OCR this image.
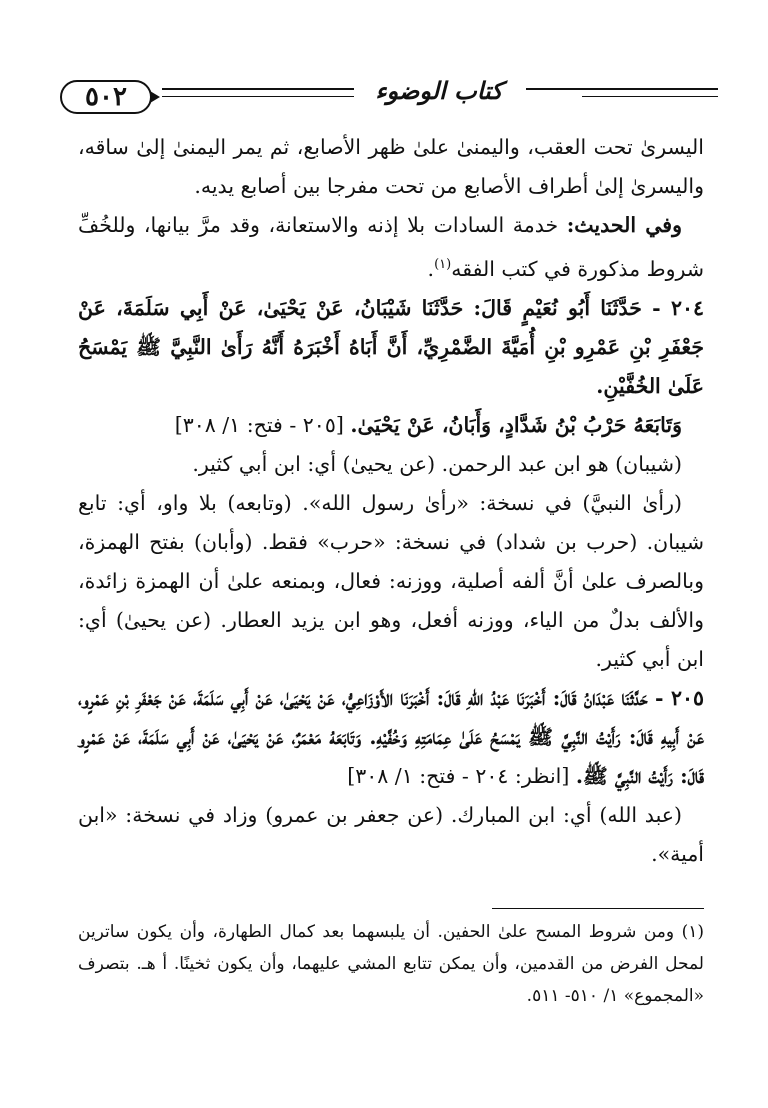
٥٠٢	كتاب الوضوء

اليسرىٰ تحت العقب، واليمنىٰ علىٰ ظهر الأصابع، ثم يمر اليمنىٰ إلىٰ ساقه، واليسرىٰ إلىٰ أطراف الأصابع من تحت مفرجا بين أصابع يديه.

وفي الحديث: خدمة السادات بلا إذنه والاستعانة، وقد مرَّ بيانها، وللخُفِّ شروط مذكورة في كتب الفقه$^{(١)}$.

٢٠٤ - حَدَّثَنَا أَبُو نُعَيْمٍ قَالَ: حَدَّثَنَا شَيْبَانُ، عَنْ يَحْيَىٰ، عَنْ أَبِي سَلَمَةَ، عَنْ جَعْفَرِ بْنِ عَمْرِو بْنِ أُمَيَّةَ الضَّمْرِيِّ، أَنَّ أَبَاهُ أَخْبَرَهُ أَنَّهُ رَأَىٰ النَّبِيَّ ﷺ يَمْسَحُ عَلَىٰ الخُفَّيْنِ.

وَتَابَعَهُ حَرْبُ بْنُ شَدَّادٍ، وَأَبَانُ، عَنْ يَحْيَىٰ. [٢٠٥ - فتح: ١/ ٣٠٨]

(شيبان) هو ابن عبد الرحمن. (عن يحيىٰ) أي: ابن أبي كثير.

(رأىٰ النبيَّ) في نسخة: «رأىٰ رسول الله». (وتابعه) بلا واو، أي: تابع شيبان. (حرب بن شداد) في نسخة: «حرب» فقط. (وأبان) بفتح الهمزة، وبالصرف علىٰ أنَّ ألفه أصلية، ووزنه: فعال، وبمنعه علىٰ أن الهمزة زائدة، والألف بدلٌ من الياء، ووزنه أفعل، وهو ابن يزيد العطار. (عن يحيىٰ) أي: ابن أبي كثير.

٢٠٥ - حَدَّثَنَا عَبْدَانُ قَالَ: أَخْبَرَنَا عَبْدُ اللهِ قَالَ: أَخْبَرَنَا الأَوْزَاعِيُّ، عَنْ يَحْيَىٰ، عَنْ أَبِي سَلَمَةَ، عَنْ جَعْفَرِ بْنِ عَمْرٍو، عَنْ أَبِيهِ قَالَ: رَأَيْتُ النَّبِيَّ ﷺ يَمْسَحُ عَلَىٰ عِمَامَتِهِ وَخُفَّيْهِ. وَتَابَعَهُ مَعْمَرٌ، عَنْ يَحْيَىٰ، عَنْ أَبِي سَلَمَةَ، عَنْ عَمْرٍو قَالَ: رَأَيْتُ النَّبِيَّ ﷺ. [انظر: ٢٠٤ - فتح: ١/ ٣٠٨]

(عبد الله) أي: ابن المبارك. (عن جعفر بن عمرو) وزاد في نسخة: «ابن أمية».

(١) ومن شروط المسح علىٰ الحفين. أن يلبسهما بعد كمال الطهارة، وأن يكون ساترين لمحل الفرض من القدمين، وأن يمكن تتابع المشي عليهما، وأن يكون ثخينًا. أ هـ. بتصرف «المجموع» ١/ ٥١٠- ٥١١.
